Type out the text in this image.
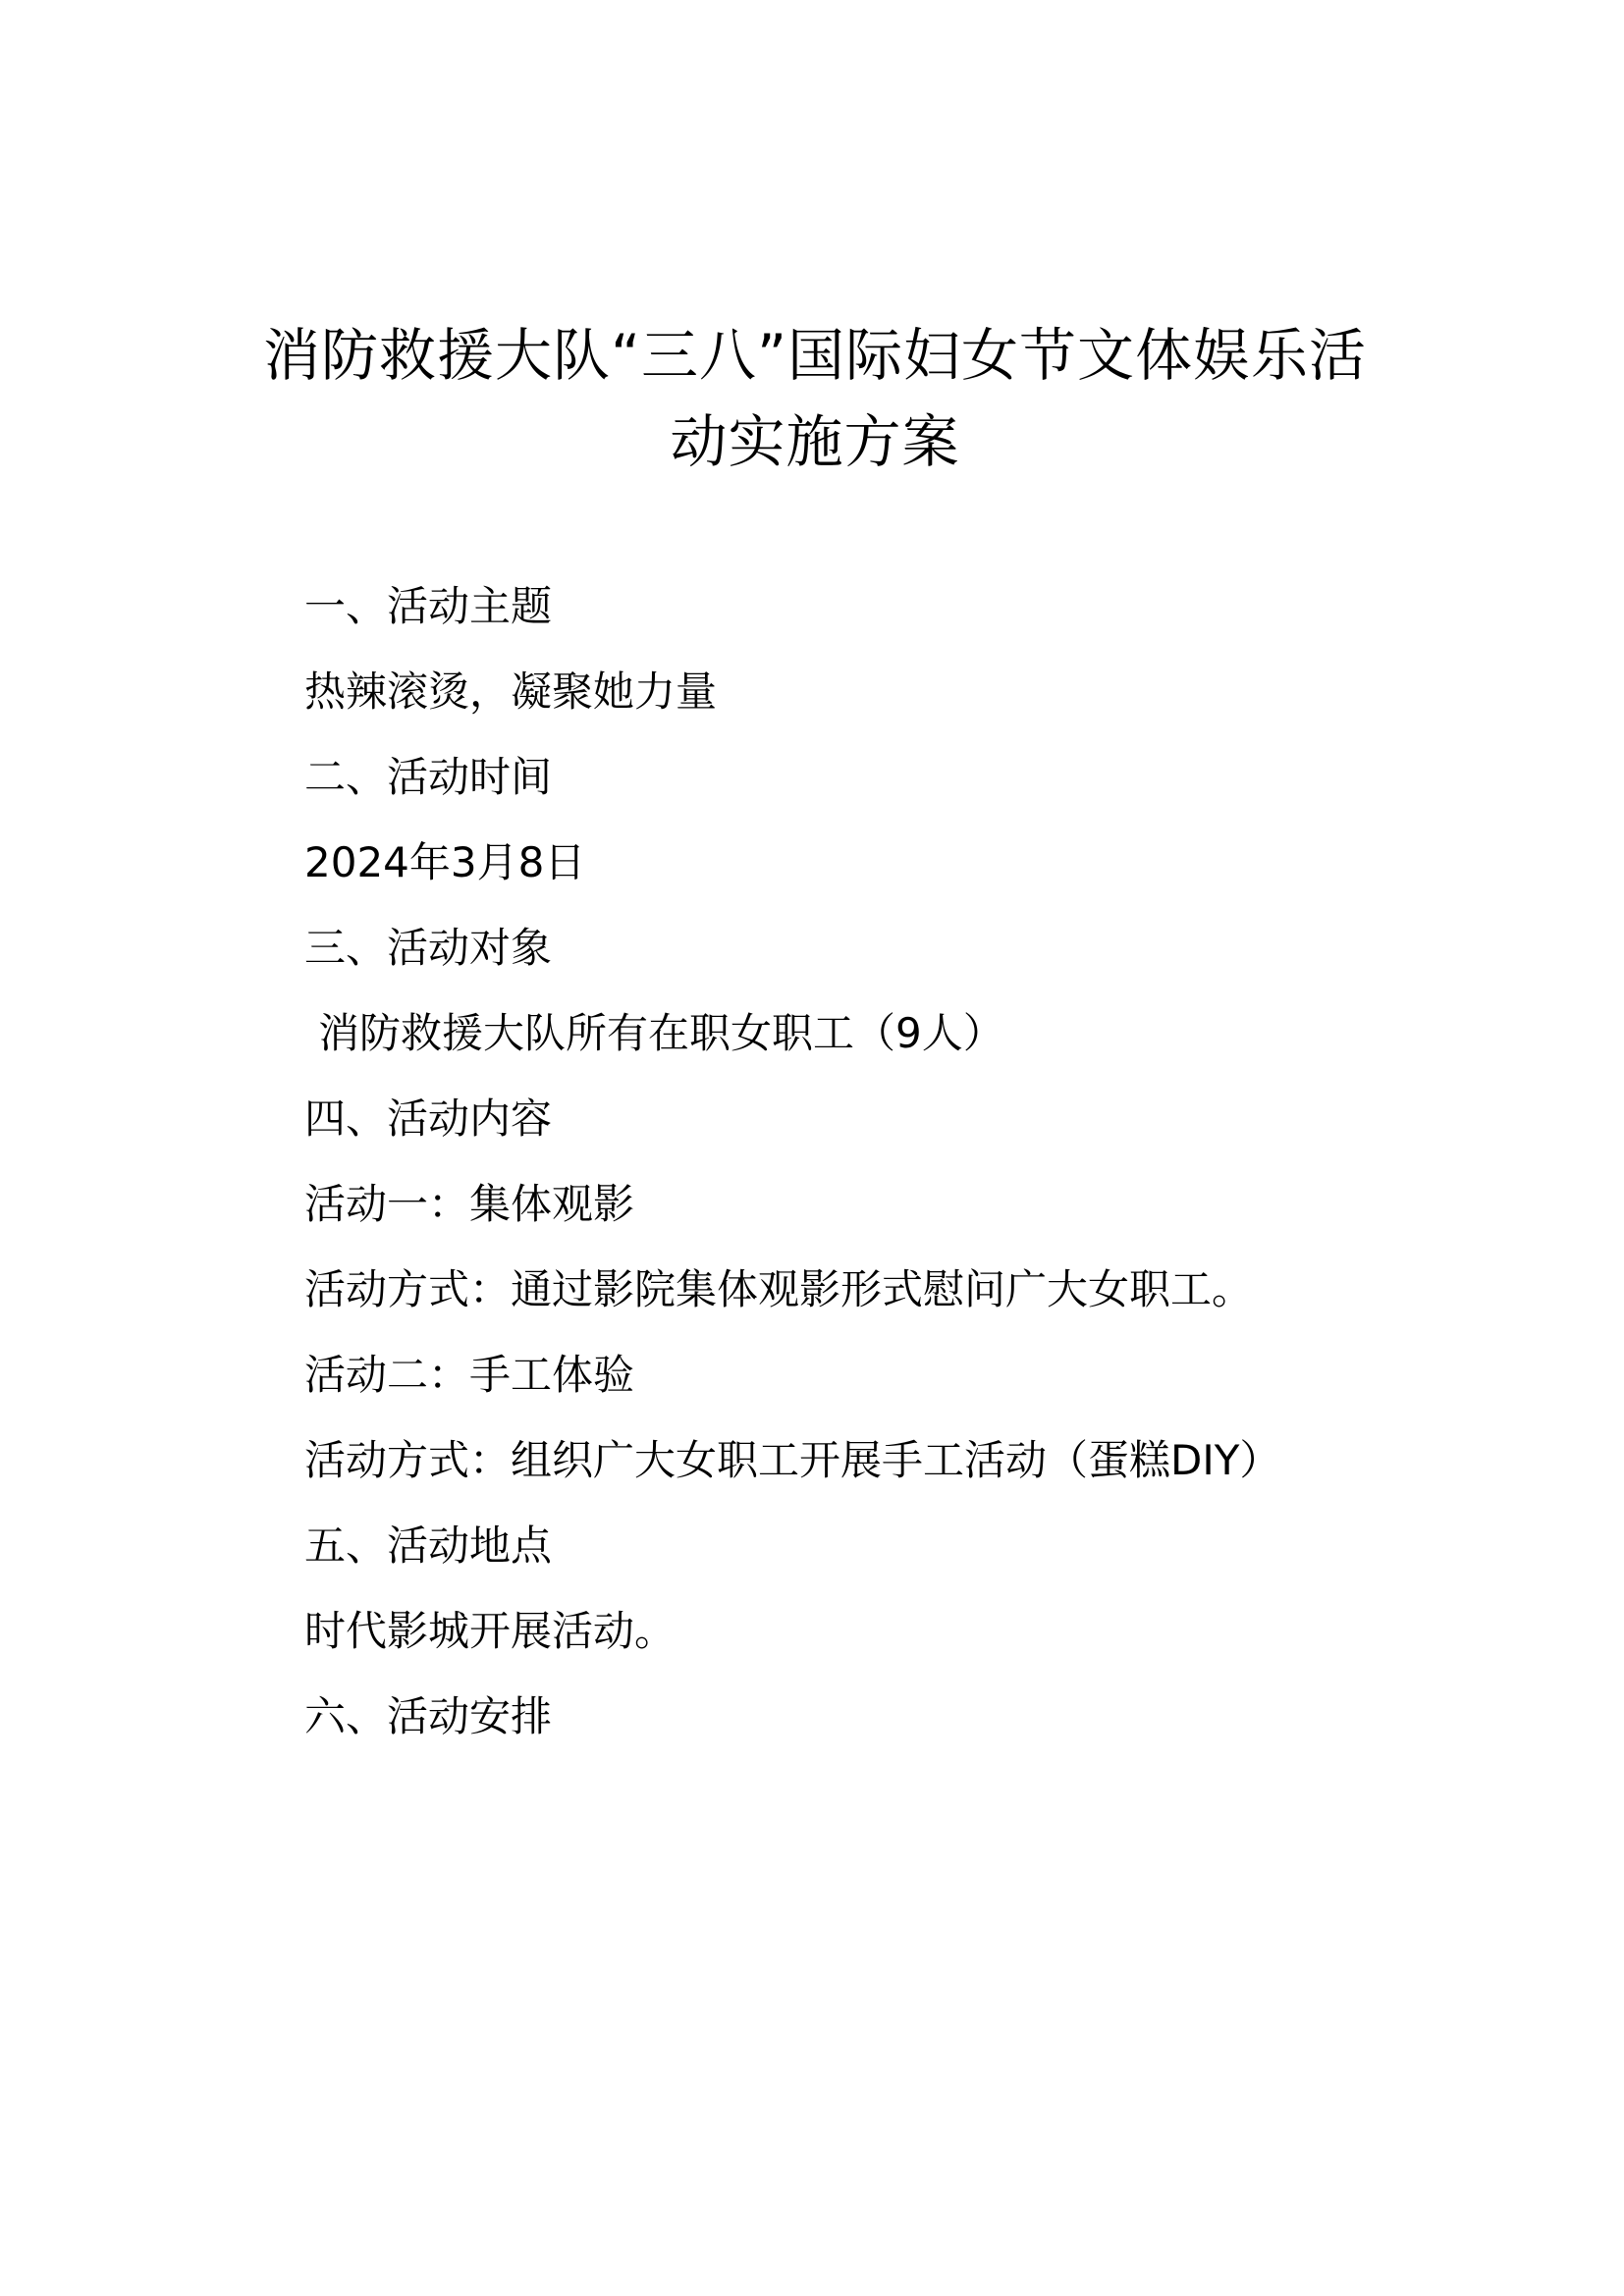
消防救援大队“三八”国际妇女节文体娱乐活
动实施方案
一、活动主题
热辣滚烫，凝聚她力量
二、活动时间
2024年3月8日
三、活动对象
消防救援大队所有在职女职工（9人）
四、活动内容
活动一：集体观影
活动方式：通过影院集体观影形式慰问广大女职工。
活动二：手工体验
活动方式：组织广大女职工开展手工活动（蛋糕DIY）
五、活动地点
时代影城开展活动。
六、活动安排
